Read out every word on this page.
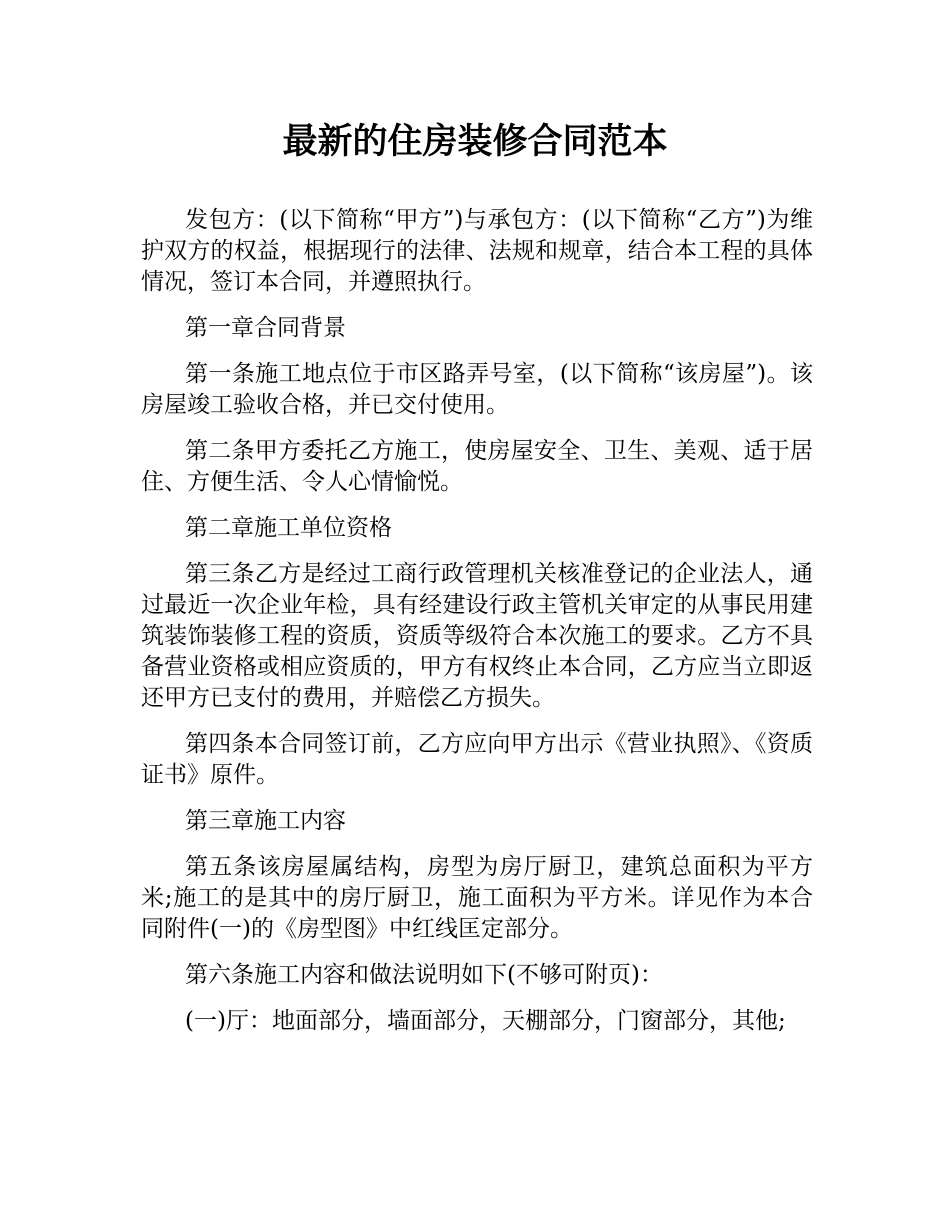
最新的住房装修合同范本

发包方：(以下简称“甲方”)与承包方：(以下简称“乙方”)为维护双方的权益，根据现行的法律、法规和规章，结合本工程的具体情况，签订本合同，并遵照执行。

第一章合同背景

第一条施工地点位于市区路弄号室，(以下简称“该房屋”)。该房屋竣工验收合格，并已交付使用。

第二条甲方委托乙方施工，使房屋安全、卫生、美观、适于居住、方便生活、令人心情愉悦。

第二章施工单位资格

第三条乙方是经过工商行政管理机关核准登记的企业法人，通过最近一次企业年检，具有经建设行政主管机关审定的从事民用建筑装饰装修工程的资质，资质等级符合本次施工的要求。乙方不具备营业资格或相应资质的，甲方有权终止本合同，乙方应当立即返还甲方已支付的费用，并赔偿乙方损失。

第四条本合同签订前，乙方应向甲方出示《营业执照》、《资质证书》原件。

第三章施工内容

第五条该房屋属结构，房型为房厅厨卫，建筑总面积为平方米;施工的是其中的房厅厨卫，施工面积为平方米。详见作为本合同附件(一)的《房型图》中红线匡定部分。

第六条施工内容和做法说明如下(不够可附页)：

(一)厅：地面部分，墙面部分，天棚部分，门窗部分，其他;
